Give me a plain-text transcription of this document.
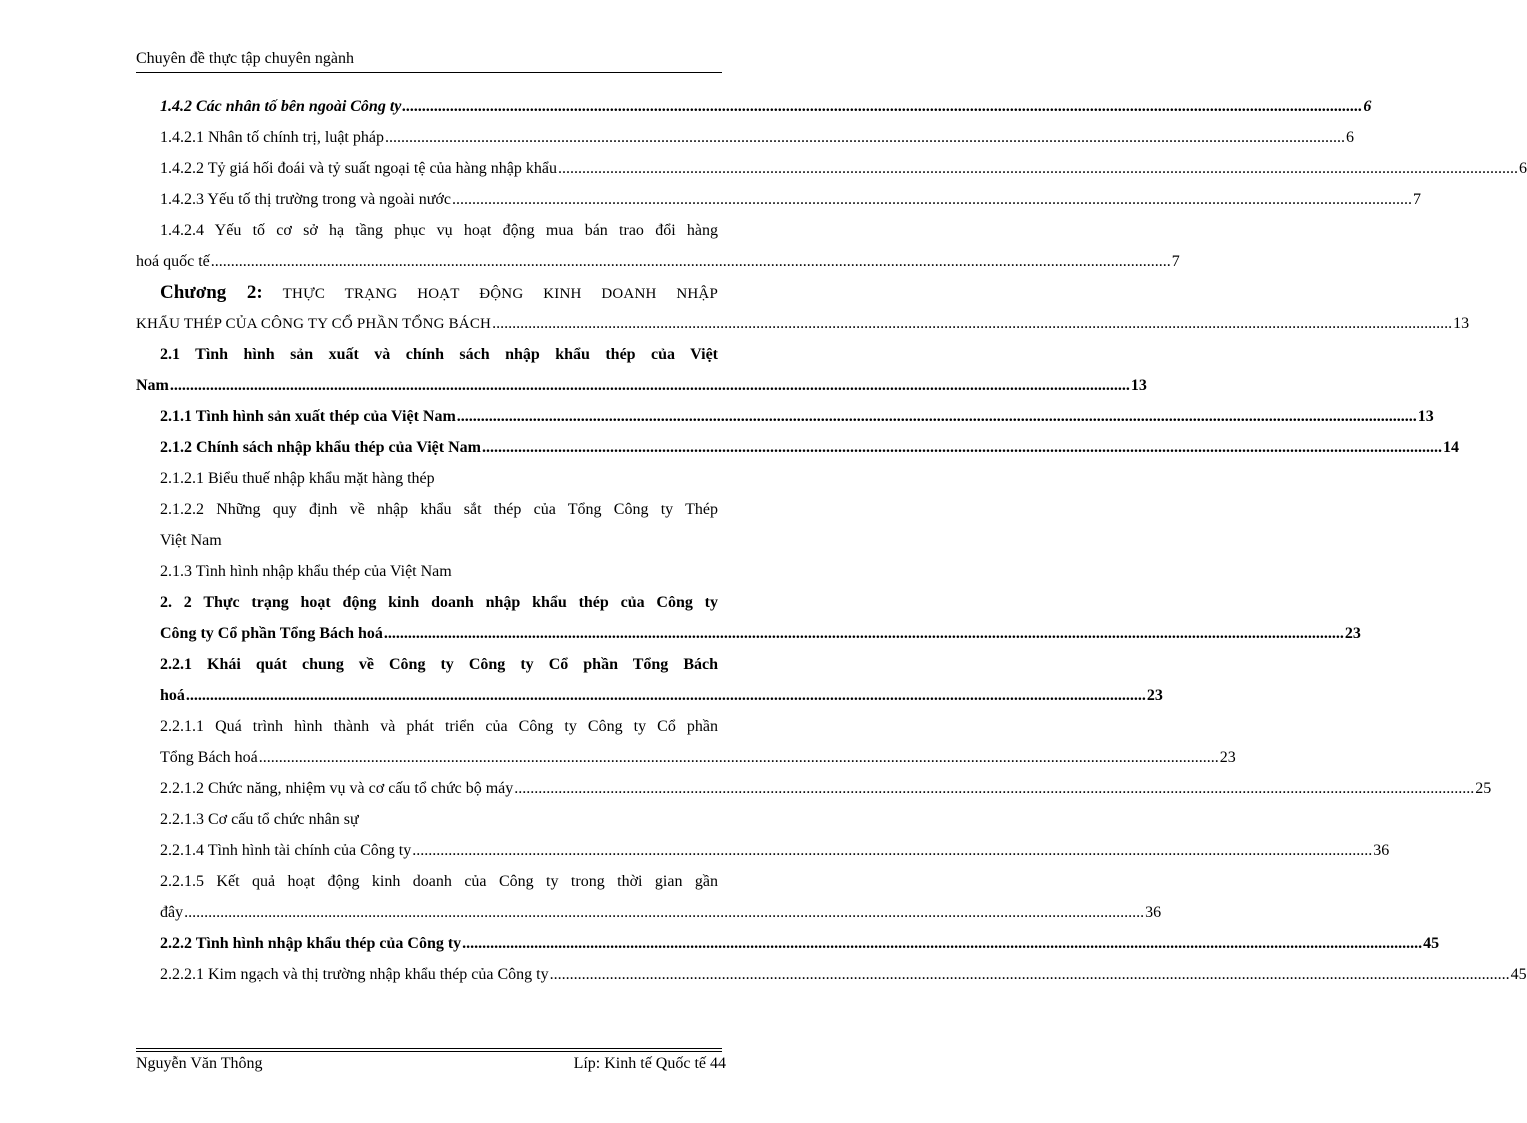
Chuyên đề thực tập chuyên ngành
1.4.2 Các nhân tố bên ngoài Công ty ................................................................................................................................................................................................................................................ 6
1.4.2.1 Nhân tố chính trị, luật pháp ................................................................................................................................................................................................................................................ 6
1.4.2.2 Tỷ giá hối đoái và tỷ suất ngoại tệ của hàng nhập khẩu ................................................................................................................................................................................................................................................ 6
1.4.2.3 Yếu tố thị trường trong và ngoài nước ................................................................................................................................................................................................................................................ 7
1.4.2.4 Yếu tố cơ sở hạ tầng phục vụ hoạt động mua bán trao đổi hàng
hoá quốc tế ................................................................................................................................................................................................................................................ 7
Chương 2: THỰC TRẠNG HOẠT ĐỘNG KINH DOANH NHẬP
KHẨU THÉP CỦA CÔNG TY CỔ PHẦN TỔNG BÁCH ................................................................................................................................................................................................................................................ 13
2.1 Tình hình sản xuất và chính sách nhập khẩu thép của Việt
Nam ................................................................................................................................................................................................................................................ 13
2.1.1 Tình hình sản xuất thép của Việt Nam ................................................................................................................................................................................................................................................ 13
2.1.2 Chính sách nhập khẩu thép của Việt Nam ................................................................................................................................................................................................................................................ 14
2.1.2.1 Biểu thuế nhập khẩu mặt hàng thép
2.1.2.2 Những quy định về nhập khẩu sắt thép của Tổng Công ty Thép
Việt Nam
2.1.3 Tình hình nhập khẩu thép của Việt Nam
2. 2 Thực trạng hoạt động kinh doanh nhập khẩu thép của Công ty
Công ty Cổ phần Tổng Bách hoá ................................................................................................................................................................................................................................................ 23
2.2.1 Khái quát chung về Công ty Công ty Cổ phần Tổng Bách
hoá ................................................................................................................................................................................................................................................ 23
2.2.1.1 Quá trình hình thành và phát triển của Công ty Công ty Cổ phần
Tổng Bách hoá ................................................................................................................................................................................................................................................ 23
2.2.1.2 Chức năng, nhiệm vụ và cơ cấu tổ chức bộ máy ................................................................................................................................................................................................................................................ 25
2.2.1.3 Cơ cấu tổ chức nhân sự
2.2.1.4 Tình hình tài chính của Công ty ................................................................................................................................................................................................................................................ 36
2.2.1.5 Kết quả hoạt động kinh doanh của Công ty trong thời gian gần
đây ................................................................................................................................................................................................................................................ 36
2.2.2 Tình hình nhập khẩu thép của Công ty ................................................................................................................................................................................................................................................ 45
2.2.2.1 Kim ngạch và thị trường nhập khẩu thép của Công ty ................................................................................................................................................................................................................................................ 45
Nguyễn Văn Thông	Líp: Kinh tế Quốc tế 44
